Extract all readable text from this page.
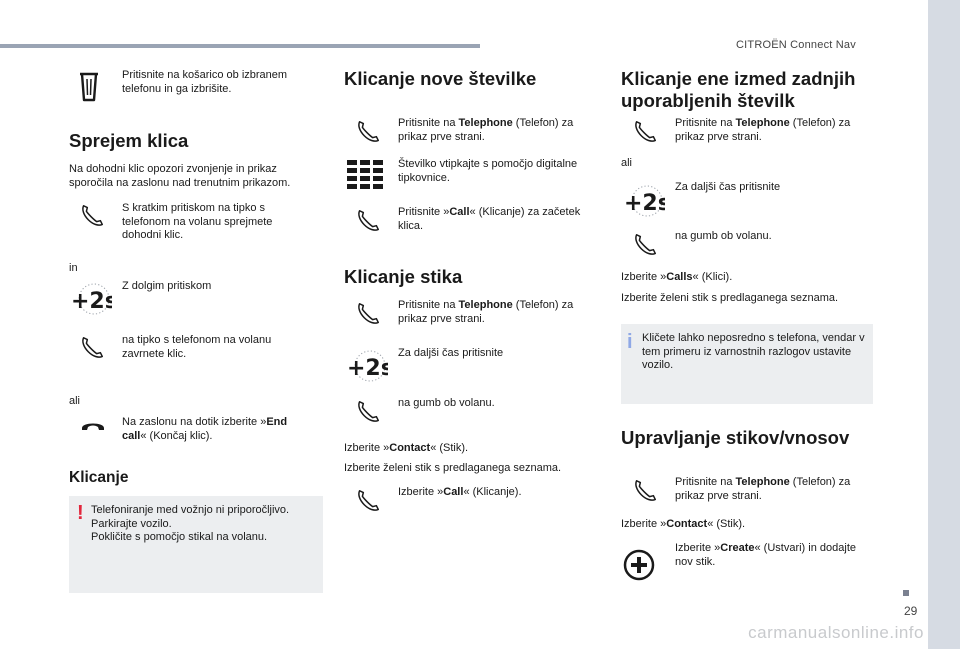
CITROËN Connect Nav
29
carmanualsonline.info
Pritisnite na košarico ob izbranem telefonu in ga izbrišite.
Sprejem klica
Na dohodni klic opozori zvonjenje in prikaz sporočila na zaslonu nad trenutnim prikazom.
S kratkim pritiskom na tipko s telefonom na volanu sprejmete dohodni klic.
in
Z dolgim pritiskom
na tipko s telefonom na volanu zavrnete klic.
ali
Na zaslonu na dotik izberite »End call« (Končaj klic).
Klicanje
! Telefoniranje med vožnjo ni priporočljivo.
Parkirajte vozilo.
Pokličite s pomočjo stikal na volanu.
Klicanje nove številke
Pritisnite na Telephone (Telefon) za prikaz prve strani.
Številko vtipkajte s pomočjo digitalne tipkovnice.
Pritisnite »Call« (Klicanje) za začetek klica.
Klicanje stika
Pritisnite na Telephone (Telefon) za prikaz prve strani.
Za daljši čas pritisnite
na gumb ob volanu.
Izberite »Contact« (Stik).
Izberite želeni stik s predlaganega seznama.
Izberite »Call« (Klicanje).
Klicanje ene izmed zadnjih
uporabljenih številk
Pritisnite na Telephone (Telefon) za prikaz prve strani.
ali
Za daljši čas pritisnite
na gumb ob volanu.
Izberite »Calls« (Klici).
Izberite želeni stik s predlaganega seznama.
i Kličete lahko neposredno s telefona, vendar v tem primeru iz varnostnih razlogov ustavite vozilo.
Upravljanje stikov/vnosov
Pritisnite na Telephone (Telefon) za prikaz prve strani.
Izberite »Contact« (Stik).
Izberite »Create« (Ustvari) in dodajte nov stik.
